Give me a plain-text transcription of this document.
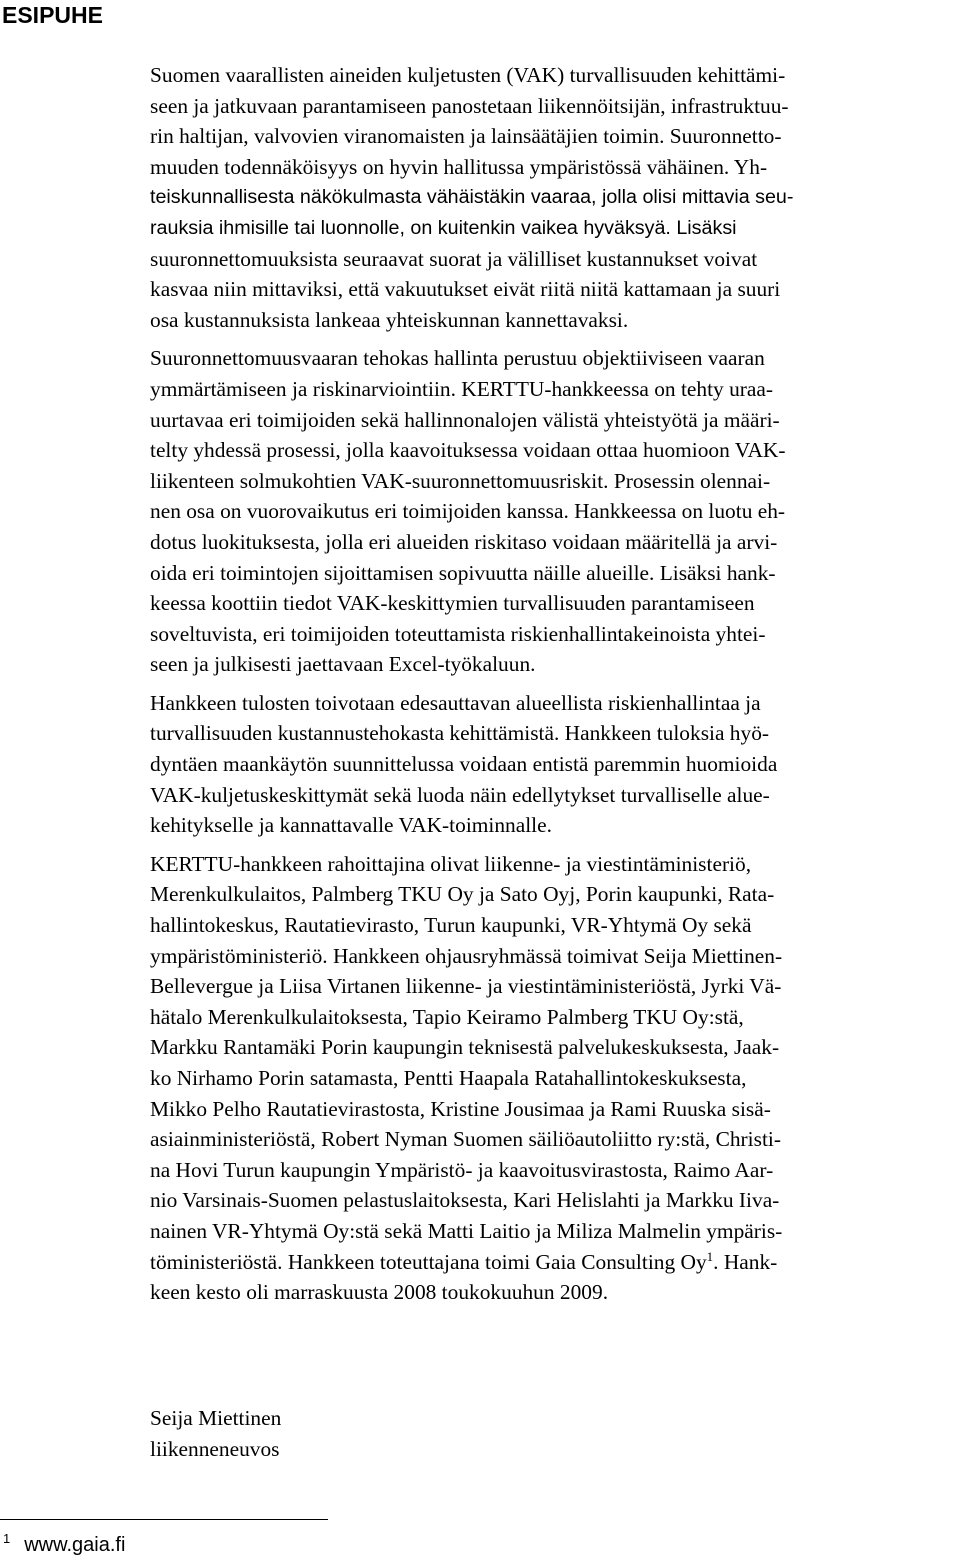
ESIPUHE
Suomen vaarallisten aineiden kuljetusten (VAK) turvallisuuden kehittämi-
seen ja jatkuvaan parantamiseen panostetaan liikennöitsijän, infrastruktuu-
rin haltijan, valvovien viranomaisten ja lainsäätäjien toimin. Suuronnetto-
muuden todennäköisyys on hyvin hallitussa ympäristössä vähäinen. Yh-
teiskunnallisesta näkökulmasta vähäistäkin vaaraa, jolla olisi mittavia seu-
rauksia ihmisille tai luonnolle, on kuitenkin vaikea hyväksyä. Lisäksi
suuronnettomuuksista seuraavat suorat ja välilliset kustannukset voivat
kasvaa niin mittaviksi, että vakuutukset eivät riitä niitä kattamaan ja suuri
osa kustannuksista lankeaa yhteiskunnan kannettavaksi.
Suuronnettomuusvaaran tehokas hallinta perustuu objektiiviseen vaaran
ymmärtämiseen ja riskinarviointiin. KERTTU-hankkeessa on tehty uraa-
uurtavaa eri toimijoiden sekä hallinnonalojen välistä yhteistyötä ja määri-
telty yhdessä prosessi, jolla kaavoituksessa voidaan ottaa huomioon VAK-
liikenteen solmukohtien VAK-suuronnettomuusriskit. Prosessin olennai-
nen osa on vuorovaikutus eri toimijoiden kanssa. Hankkeessa on luotu eh-
dotus luokituksesta, jolla eri alueiden riskitaso voidaan määritellä ja arvi-
oida eri toimintojen sijoittamisen sopivuutta näille alueille. Lisäksi hank-
keessa koottiin tiedot VAK-keskittymien turvallisuuden parantamiseen
soveltuvista, eri toimijoiden toteuttamista riskienhallintakeinoista yhtei-
seen ja julkisesti jaettavaan Excel-työkaluun.
Hankkeen tulosten toivotaan edesauttavan alueellista riskienhallintaa ja
turvallisuuden kustannustehokasta kehittämistä. Hankkeen tuloksia hyö-
dyntäen maankäytön suunnittelussa voidaan entistä paremmin huomioida
VAK-kuljetuskeskittymät sekä luoda näin edellytykset turvalliselle alue-
kehitykselle ja kannattavalle VAK-toiminnalle.
KERTTU-hankkeen rahoittajina olivat liikenne- ja viestintäministeriö,
Merenkulkulaitos, Palmberg TKU Oy ja Sato Oyj, Porin kaupunki, Rata-
hallintokeskus, Rautatievirasto, Turun kaupunki, VR-Yhtymä Oy sekä
ympäristöministeriö. Hankkeen ohjausryhmässä toimivat Seija Miettinen-
Bellevergue ja Liisa Virtanen liikenne- ja viestintäministeriöstä, Jyrki Vä-
hätalo Merenkulkulaitoksesta, Tapio Keiramo Palmberg TKU Oy:stä,
Markku Rantamäki Porin kaupungin teknisestä palvelukeskuksesta, Jaak-
ko Nirhamo Porin satamasta, Pentti Haapala Ratahallintokeskuksesta,
Mikko Pelho Rautatievirastosta, Kristine Jousimaa ja Rami Ruuska sisä-
asiainministeriöstä, Robert Nyman Suomen säiliöautoliitto ry:stä, Christi-
na Hovi Turun kaupungin Ympäristö- ja kaavoitusvirastosta, Raimo Aar-
nio Varsinais-Suomen pelastuslaitoksesta, Kari Helislahti ja Markku Iiva-
nainen VR-Yhtymä Oy:stä sekä Matti Laitio ja Miliza Malmelin ympäris-
töministeriöstä. Hankkeen toteuttajana toimi Gaia Consulting Oy$^1$. Hank-
keen kesto oli marraskuusta 2008 toukokuuhun 2009.
Seija Miettinen
liikenneneuvos
$^1$ www.gaia.fi
